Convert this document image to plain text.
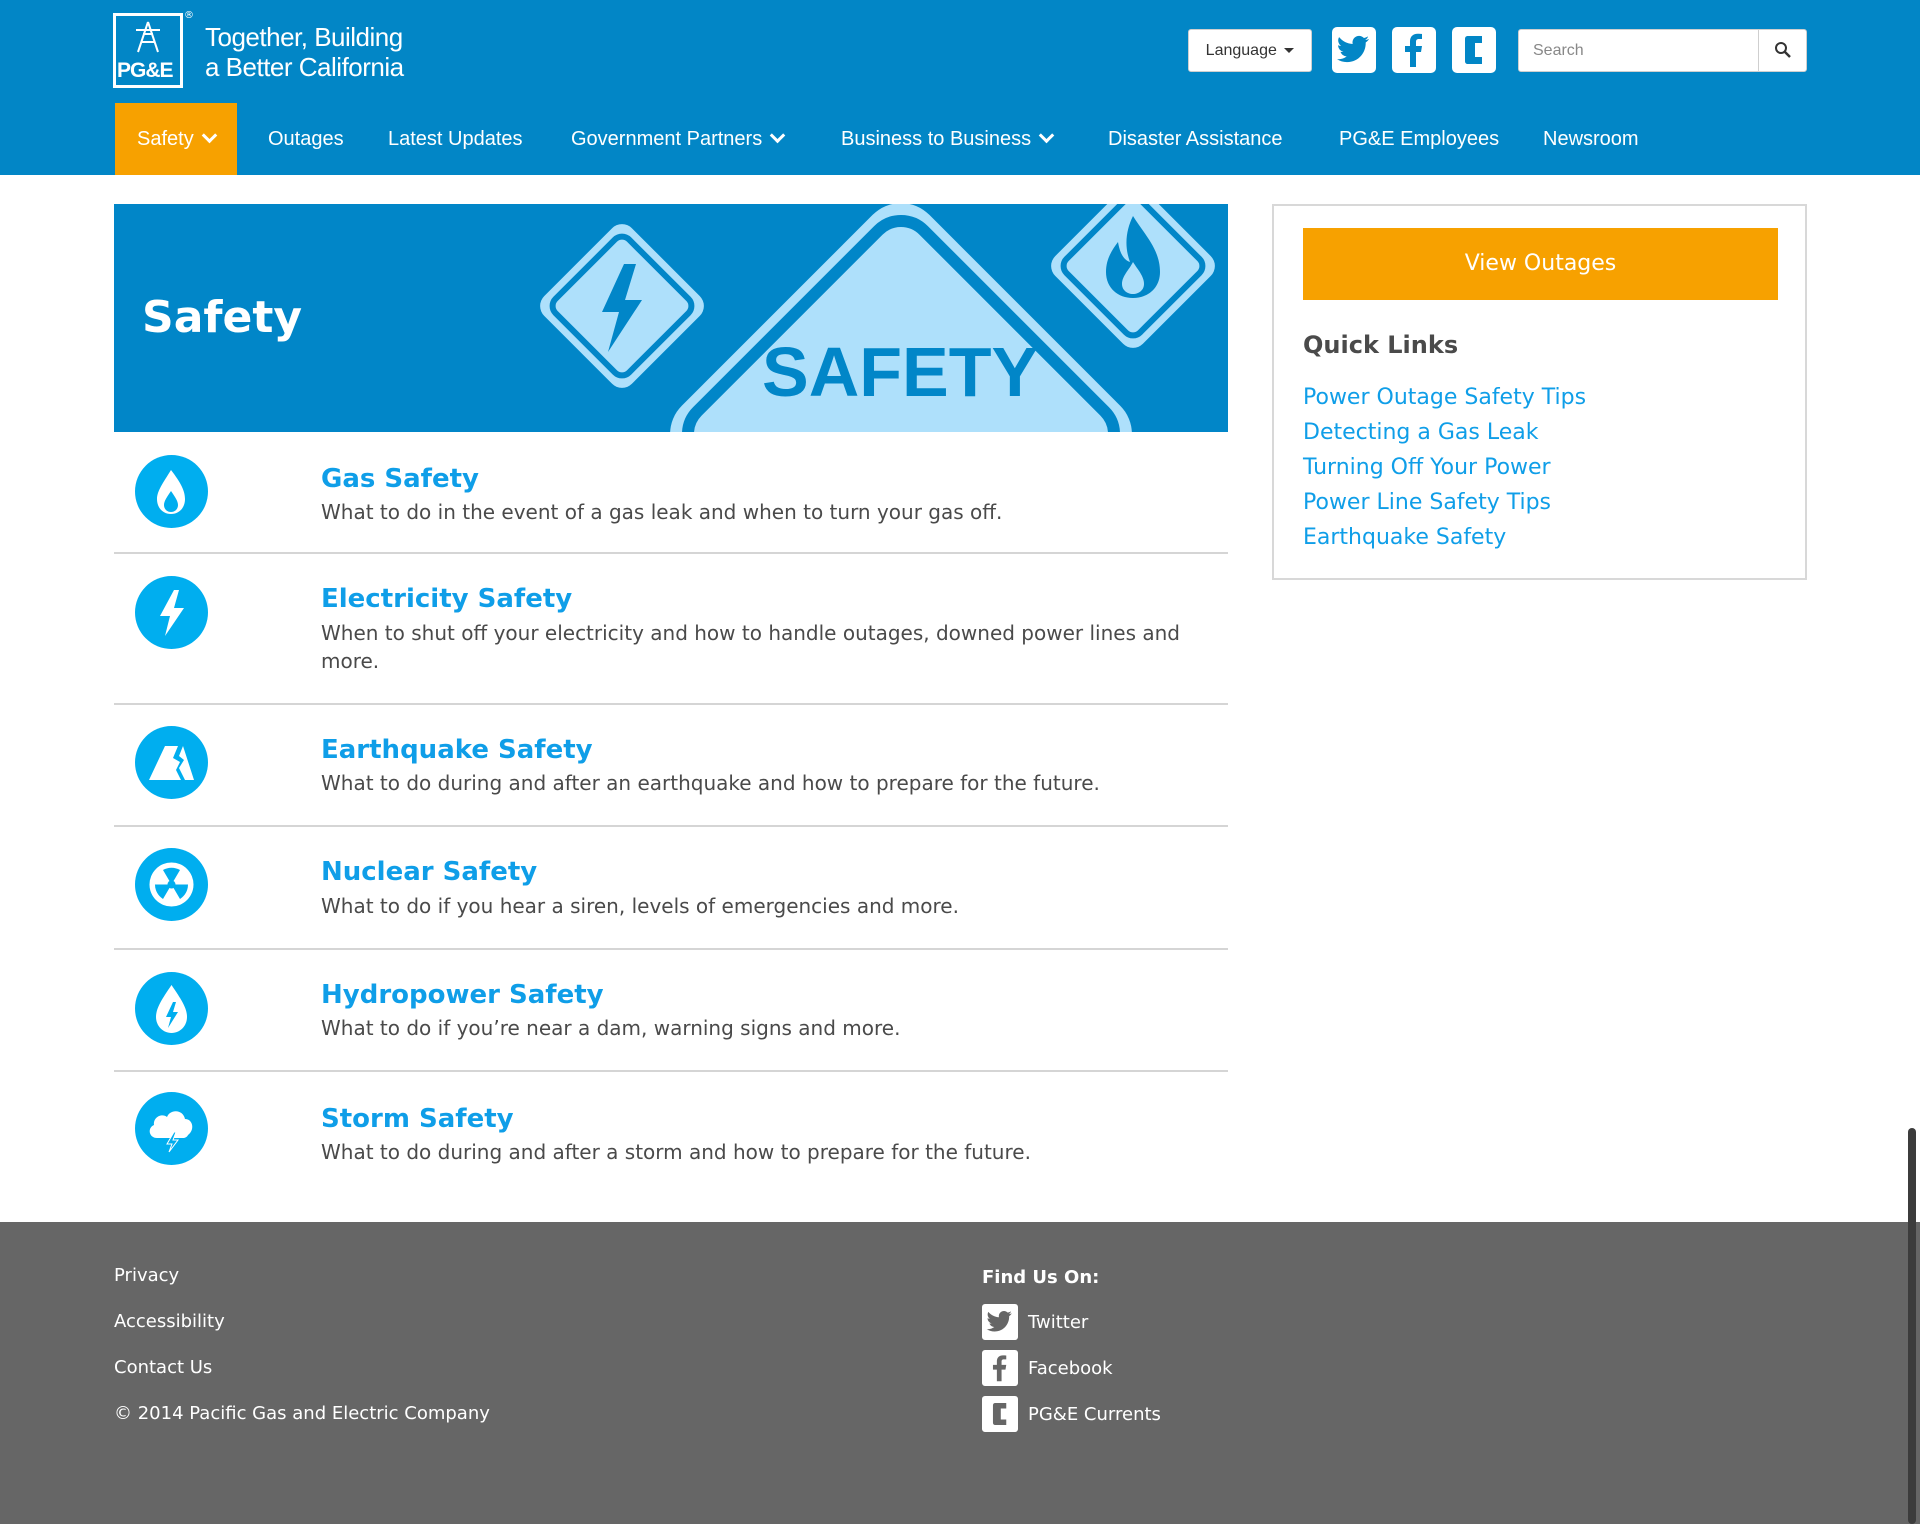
®
PG&E
Together, Building
a Better California
Language
Search
Safety	Outages Latest Updates Government Partners	Business to Business	Disaster Assistance	PG&E Employees Newsroom
Safety
SAFETY
Gas Safety
What to do in the event of a gas leak and when to turn your gas off.
Electricity Safety
When to shut off your electricity and how to handle outages, downed power lines and more.
Earthquake Safety
What to do during and after an earthquake and how to prepare for the future.
Nuclear Safety
What to do if you hear a siren, levels of emergencies and more.
Hydropower Safety
What to do if you’re near a dam, warning signs and more.
Storm Safety
What to do during and after a storm and how to prepare for the future.
View Outages
Quick Links
Power Outage Safety Tips
Detecting a Gas Leak
Turning Off Your Power
Power Line Safety Tips
Earthquake Safety
Privacy
Accessibility
Contact Us
© 2014 Pacific Gas and Electric Company
Find Us On:
Twitter
Facebook
PG&E Currents
